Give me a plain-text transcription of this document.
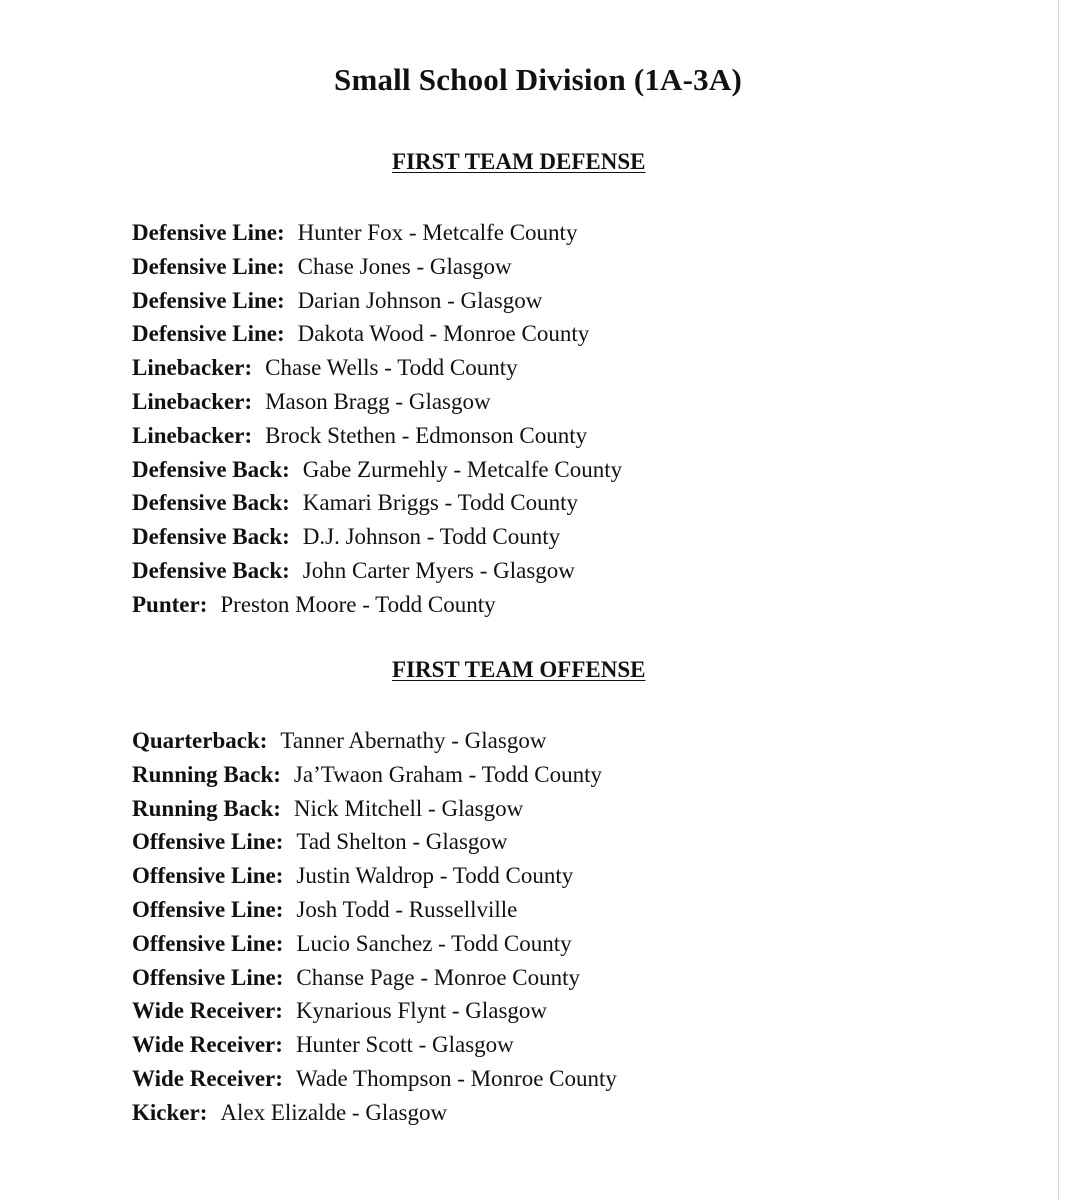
Small School Division (1A-3A)
FIRST TEAM DEFENSE
Defensive Line: Hunter Fox - Metcalfe County
Defensive Line: Chase Jones - Glasgow
Defensive Line: Darian Johnson - Glasgow
Defensive Line: Dakota Wood - Monroe County
Linebacker: Chase Wells - Todd County
Linebacker: Mason Bragg - Glasgow
Linebacker: Brock Stethen - Edmonson County
Defensive Back: Gabe Zurmehly - Metcalfe County
Defensive Back: Kamari Briggs - Todd County
Defensive Back: D.J. Johnson - Todd County
Defensive Back: John Carter Myers - Glasgow
Punter: Preston Moore - Todd County
FIRST TEAM OFFENSE
Quarterback: Tanner Abernathy - Glasgow
Running Back: Ja’Twaon Graham - Todd County
Running Back: Nick Mitchell - Glasgow
Offensive Line: Tad Shelton - Glasgow
Offensive Line: Justin Waldrop - Todd County
Offensive Line: Josh Todd - Russellville
Offensive Line: Lucio Sanchez - Todd County
Offensive Line: Chanse Page - Monroe County
Wide Receiver: Kynarious Flynt - Glasgow
Wide Receiver: Hunter Scott - Glasgow
Wide Receiver: Wade Thompson - Monroe County
Kicker: Alex Elizalde - Glasgow
